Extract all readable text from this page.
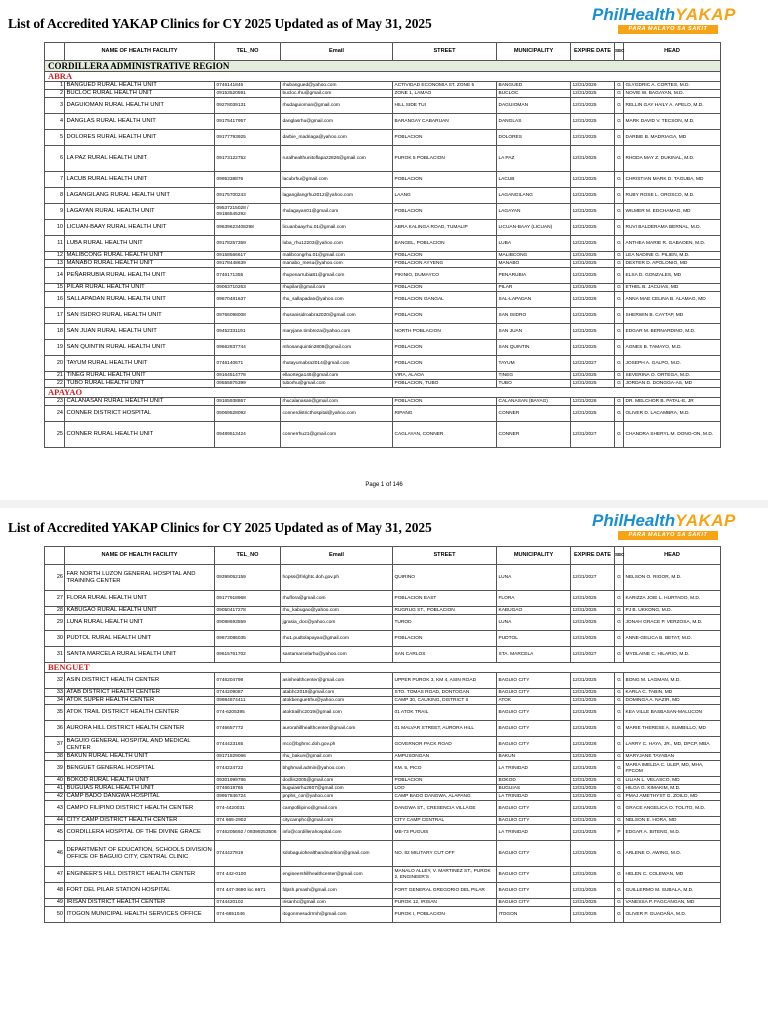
List of Accredited YAKAP Clinics for CY 2025 Updated as of May 31, 2025	PhilHealthYAKAP
PARA MALAYO SA SAKIT
	NAME OF HEALTH FACILITY	TEL_NO	Email	STREET	MUNICIPALITY	EXPIRE DATE	SEC	HEAD
CORDILLERA ADMINISTRATIVE REGION								
ABRA								
1	BANGUED RURAL HEALTH UNIT	0746141845	rhubangued@yahoo.com	ACTIVIDAD ECONOMIA ST. ZONE 5	BANGUED	12/31/2026	G	GLYGDRIC A. CORTES, M.D.
2	BUCLOC RURAL HEALTH UNIT	09153520591	bucloc.rhu@gmail.com	ZONE 1, LAMAO	BUCLOC	12/31/2025	G	NOVIE W. BAGAYAN, M.D.
3	DAGUIOMAN RURAL HEALTH UNIT	09278039131	rhudaguioman@gmail.com	HILL SIDE TUI	DAGUIOMAN	12/31/2025	G	RELLIN GAY HAILY A. APELO, M.D.
4	DANGLAS RURAL HEALTH UNIT	09175417957	danglasrhu@gmail.com	BARANGAY CABARUAN	DANGLAS	12/31/2025	G	MARK DAVID V. TECSON, M.D.
5	DOLORES RURAL HEALTH UNIT	09177793925	darbie_madriaga@yahoo.com	POBLACION	DOLORES	12/31/2025	G	DARBIE B. MADRIAGA, MD
6	LA PAZ RURAL HEALTH UNIT	09173122752	ruralhealthunitoflapaz2826@gmail.com	PUROK 5 POBLACION	LA PAZ	12/31/2025	G	RHODA MAY Z. DUKINAL, M.D.
7	LACUB RURAL HEALTH UNIT	0995338876	lacubrhu@gmail.com	POBLACION	LACUB	12/31/2025	G	CHRISTIAN MARK D. TAGUBA, MD
8	LAGANGILANG RURAL HEALTH UNIT	09175700243	lagangilangrhu2012@yahoo.com	LAANG	LAGANGILANG	12/31/2025	G	RUBY ROSE L. OROSCO, M.D.
9	LAGAYAN RURAL HEALTH UNIT	09537215028 / 09186545292	rhulagayan01@gmail.com	POBLACION	LAGAYAN	12/31/2025	G	WILMER M. EDCHAMAG, MD
10	LICUAN-BAAY RURAL HEALTH UNIT	09639623408298	licuanbaayrhu.01@gmail.com	ABRA KALINGA ROAD, TUMALIP	LICUAN-BAAY (LICUAN)	12/31/2025	G	RUVI BALDERAMA BERNAL, M.D.
11	LUBA RURAL HEALTH UNIT	09178257359	luba_rhu12203@yahoo.com	BANGEL, POBLACION	LUBA	12/31/2025	G	ANTHEA MARIE R. GABAOEN, M.D.
12	MALIBCONG RURAL HEALTH UNIT	09158566617	malibcongrhu.01@gmail.com	POBLACION	MALIBCONG	12/31/2025	G	LEA NADINE G. PILIEN, M.D.
13	MANABO RURAL HEALTH UNIT	09178448639	manabo_mesu@yahoo.com	POBLACION AYYENG	MANABO	12/31/2025	G	DEXTER D. APOLONIO, MD
14	PEÑARRUBIA RURAL HEALTH UNIT	0746171355	rhupenarrubia81@gmail.com	PIKINIO, DUMAYCO	PENARUBIA	12/31/2025	G	ELSA D. GONZALES, MD
15	PILAR RURAL HEALTH UNIT	09063710263	rhupilar@gmail.com	POBLACION	PILAR	12/31/2025	G	ETHEL B. JACUIAS, MD
16	SALLAPADAN RURAL HEALTH UNIT	09670481637	rhu_sallapadan@yahoo.com	POBLACION GANGAL	SAL-LAPADAN	12/31/2026	G	ANNA MAE CELINA B. ALAMAG, MD
17	SAN ISIDRO RURAL HEALTH UNIT	09766098008	rhusanisidroabra2020@gmail.com	POBLACION	SAN ISIDRO	12/31/2025	G	SHERWIN B. CAYTAP, MD
18	SAN JUAN RURAL HEALTH UNIT	09452331191	maryjane.timbreza@yahoo.com	NORTH POBLACION	SAN JUAN	12/31/2025	G	EDGAR M. BERNARDINO, M.D.
19	SAN QUINTIN RURAL HEALTH UNIT	09662837744	mhosanquintin2808@gmail.com	POBLACION	SAN QUINTIN	12/31/2025	G	AGNES B. TAMAYO, M.D.
20	TAYUM RURAL HEALTH UNIT	0746140671	rhutayumabra2014@gmail.com	POBLACION	TAYUM	12/31/2027	G	JOSEPH A. GALPO, M.D.
21	TINEG RURAL HEALTH UNIT	09164514778	ellaortega146@gmail.com	VIRA, ALAOA	TINEG	12/31/2025	G	SEVERINA O. ORTEGA, M.D.
22	TUBO RURAL HEALTH UNIT	09555875399	tuborhu@gmail.com	POBLACION, TUBO	TUBO	12/31/2025	G	JORDAN D. DONGGA-AS, MD
APAYAO								
23	CALANASAN RURAL HEALTH UNIT	09165938867	rhucalanasan@gmail.com	POBLACION	CALANASAN (BAYAG)	12/31/2026	G	DR. MELCHOR B. PATAL-E, JR
24	CONNER DISTRICT HOSPITAL	09069528092	connerdistricthospital@yahoo.com	RIPANG	CONNER	12/31/2025	G	OLIVER D. LACAMBRA, M.D.
25	CONNER RURAL HEALTH UNIT	09489513424	connerrhu21@gmail.com	CAGLAYAN, CONNER	CONNER	12/31/2027	G	CHANDRA SHERYL M. DONG-ON, M.D.
Page 1 of 146
List of Accredited YAKAP Clinics for CY 2025 Updated as of May 31, 2025	PhilHealthYAKAP
PARA MALAYO SA SAKIT
	NAME OF HEALTH FACILITY	TEL_NO	Email	STREET	MUNICIPALITY	EXPIRE DATE	SEC	HEAD
26	FAR NORTH LUZON GENERAL HOSPITAL AND TRAINING CENTER	09399052159	hopss@fnlghtc.doh.gov.ph	QUIRINO	LUNA	12/31/2027	G	NELSON O. RIGOR, M.D.
27	FLORA RURAL HEALTH UNIT	09177918968	rhuflora@gmail.com	POBLACION EAST	FLORA	12/31/2025	G	KARIZZA JOIE L. HURTADO, M.D.
28	KABUGAO RURAL HEALTH UNIT	09050417278	rhu_kabugao@yahoo.com	RUGRUG ST., POBLACION	KABUGAO	12/31/2025	G	PJ B. UKKONG, M.D.
29	LUNA RURAL HEALTH UNIT	09088693559	jgrasia_doc@yahoo.com	TUROD	LUNA	12/31/2025	G	JONAH GRACE P. VERZOSA, M.D.
30	PUDTOL RURAL HEALTH UNIT	09673086035	rhu1.pudtolapayao@gmail.com	POBLACION	PUDTOL	12/31/2025	G	ANNE-GELICA B. BETAT, M.D.
31	SANTA MARCELA RURAL HEALTH UNIT	09615761702	santamarcelarhu@yahoo.com	SAN CARLOS	STA. MARCELA	12/31/2027	G	MYDLAINE C. HILARIO, M.D.
BENGUET								
32	ASIN DISTRICT HEALTH CENTER	0746204798	asinhealthcenter@gmail.com	UPPER PUROK 3, KM 4, ASIN ROAD	BAGUIO CITY	12/31/2025	G	BONG M. LAGMAN, M.D.
33	ATAB DISTRICT HEALTH CENTER	0744209087	atabhc2019@gmail.com	STO. TOMAS ROAD, DONTOGAN	BAGUIO CITY	12/31/2025	G	KARLA C. TABIN, MD
34	ATOK SUPER HEALTH CENTER	09984674411	atokbenguetrhu@yahoo.com	CAMP 30, CAUKING, DISTRICT II	ATOK	12/31/2025	G	DOMINGA A. NAZIR, MD
35	ATOK TRAIL DISTRICT HEALTH CENTER	074-6205395	atoktrailhc2019@gmail.com	01 ATOK TRAIL	BAGUIO CITY	12/31/2025	G	KEA VILLE BASBASAN-MALUCON
36	AURORA HILL DISTRICT HEALTH CENTER	0746657772	aurorahillhealthcenter@gmail.com	01 MALVAR STREET, AURORA HILL	BAGUIO CITY	12/31/2025	G	MARIE THERESE A. SUMBILLO, MD
37	BAGUIO GENERAL HOSPITAL AND MEDICAL CENTER	0744423165	mcc@bghmc.doh.gov.ph	GOVERNOR PACK ROAD	BAGUIO CITY	12/31/2026	G	LARRY C. HAYA, JR., MD, DPCP, MBA
38	BAKUN RURAL HEALTH UNIT	09171829066	rhu_bakun@gmail.com	AMPUSONGAN	BAKUN	12/31/2025	G	MARYJANE TAYABAN
39	BENGUET GENERAL HOSPITAL	0744224722	bhghmail.admin@yahoo.com	KM. 5, PICO	LA TRINIDAD	12/31/2025	G	MARIA IMELDA C. ULEP, MD, MHA, FPCOM
40	BOKOD RURAL HEALTH UNIT	09301999786	docllis2005@gmail.com	POBLACION	BOKOD	12/31/2025	G	LILIAN L. VELASCO, MD
41	BUGUIAS RURAL HEALTH UNIT	0746619765	buguiasrhu2607@gmail.com	LOO	BUGUIAS	12/31/2025	G	HILGA G. KIMAKIM, M.D.
42	CAMP BADO DANGWA HOSPITAL	09957846724	pnphs_cor@yahoo.com	CAMP BADO DANGWA, ALAPANG	LA TRINIDAD	12/31/2025	G	PMAJ AMETHYST G. ZOILO, MD
43	CAMPO FILIPINO DISTRICT HEALTH CENTER	074-4420031	campofilipino@gmail.com	DANGWA ST., CRESENCIA VILLAGE	BAGUIO CITY	12/31/2025	G	GRACE ANGELICA O. TOLITO, M.D.
44	CITY CAMP DISTRICT HEALTH CENTER	074 665-2902	citycamphc@gmail.com	CITY CAMP CENTRAL	BAGUIO CITY	12/31/2025	G	NELSON E. HORA, MD
45	CORDILLERA HOSPITAL OF THE DIVINE GRACE	0746205692 / 09399253506	info@cordillerahospital.com	MB-73 PUGUIS	LA TRINIDAD	12/31/2025	P	EDGAR A. BITENG, M.D.
46	DEPARTMENT OF EDUCATION, SCHOOLS DIVISION OFFICE OF BAGUIO CITY, CENTRAL CLINIC	0744427819	sdobaguiohealthandnutrition@gmail.com	NO. 82 MILITARY CUT OFF	BAGUIO CITY	12/31/2025	G	ARLENE O. AWING, M.D.
47	ENGINEER'S HILL DISTRICT HEALTH CENTER	074 442-0100	engineershillhealthcenter@gmail.com	MANALO ALLEY, V. MARTINEZ ST., PUROK 2, ENGINEER'S	BAGUIO CITY	12/31/2025	G	HELEN C. COLEWAN, MD
48	FORT DEL PILAR STATION HOSPITAL	074 447-3690 loc 6671	fdpsh.pmash@gmail.com	FORT GENERAL GREGORIO DEL PILAR	BAGUIO CITY	12/31/2025	G	GUILLERMO M. SUBALA, M.D.
49	IRISAN DISTRICT HEALTH CENTER	0744420102	irisanhc@gmail.com	PUROK 12, IRISAN	BAGUIO CITY	12/31/2025	G	VANESSA P. FAGCANGAN, MD
50	ITOGON MUNICIPAL HEALTH SERVICES OFFICE	074-6651046	itogonmesudrrmh@gmail.com	PUROK I, POBLACION	ITOGON	12/31/2025	G	OLIVER P. GUADAÑA, M.D.
